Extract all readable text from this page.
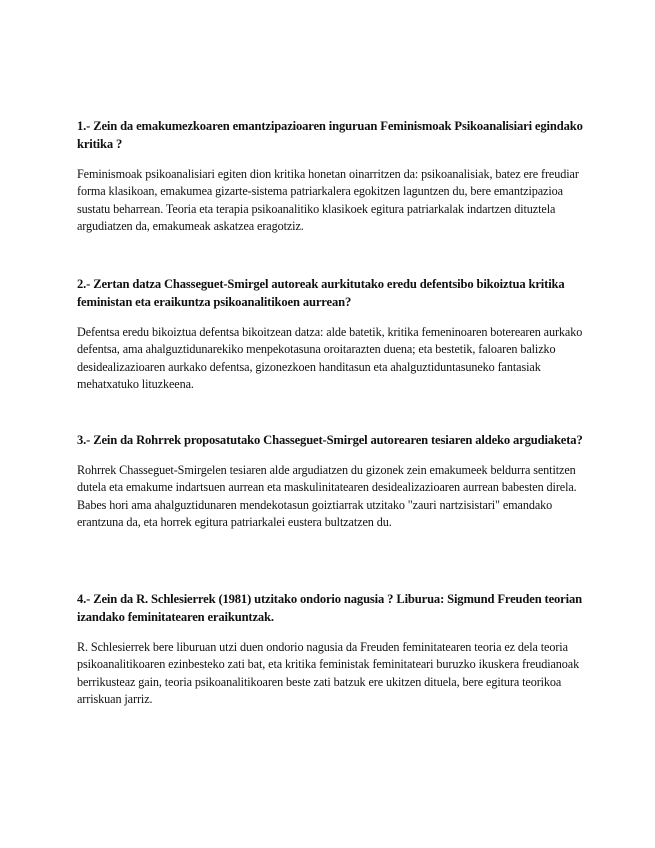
1.- Zein da emakumezkoaren emantzipazioaren inguruan Feminismoak Psikoanalisiari egindako kritika ?

Feminismoak psikoanalisiari egiten dion kritika honetan oinarritzen da: psikoanalisiak, batez ere freudiar forma klasikoan, emakumea gizarte-sistema patriarkalera egokitzen laguntzen du, bere emantzipazioa sustatu beharrean. Teoria eta terapia psikoanalitiko klasikoek egitura patriarkalak indartzen dituztela argudiatzen da, emakumeak askatzea eragotziz.

2.- Zertan datza Chasseguet-Smirgel autoreak aurkitutako eredu defentsibo bikoiztua kritika feministan eta eraikuntza psikoanalitikoen aurrean?

Defentsa eredu bikoiztua defentsa bikoitzean datza: alde batetik, kritika femeninoaren boterearen aurkako defentsa, ama ahalguztidunarekiko menpekotasuna oroitarazten duena; eta bestetik, faloaren balizko desidealizazioaren aurkako defentsa, gizonezkoen handitasun eta ahalguztiduntasuneko fantasiak mehatxatuko lituzkeena.

3.- Zein da Rohrrek proposatutako Chasseguet-Smirgel autorearen tesiaren aldeko argudiaketa?

Rohrrek Chasseguet-Smirgelen tesiaren alde argudiatzen du gizonek zein emakumeek beldurra sentitzen dutela eta emakume indartsuen aurrean eta maskulinitatearen desidealizazioaren aurrean babesten direla. Babes hori ama ahalguztidunaren mendekotasun goiztiarrak utzitako "zauri nartzisistari" emandako erantzuna da, eta horrek egitura patriarkalei eustera bultzatzen du.

4.- Zein da R. Schlesierrek (1981) utzitako ondorio nagusia ? Liburua: Sigmund Freuden teorian izandako feminitatearen eraikuntzak.

R. Schlesierrek bere liburuan utzi duen ondorio nagusia da Freuden feminitatearen teoria ez dela teoria psikoanalitikoaren ezinbesteko zati bat, eta kritika feministak feminitateari buruzko ikuskera freudianoak berrikusteaz gain, teoria psikoanalitikoaren beste zati batzuk ere ukitzen dituela, bere egitura teorikoa arriskuan jarriz.
